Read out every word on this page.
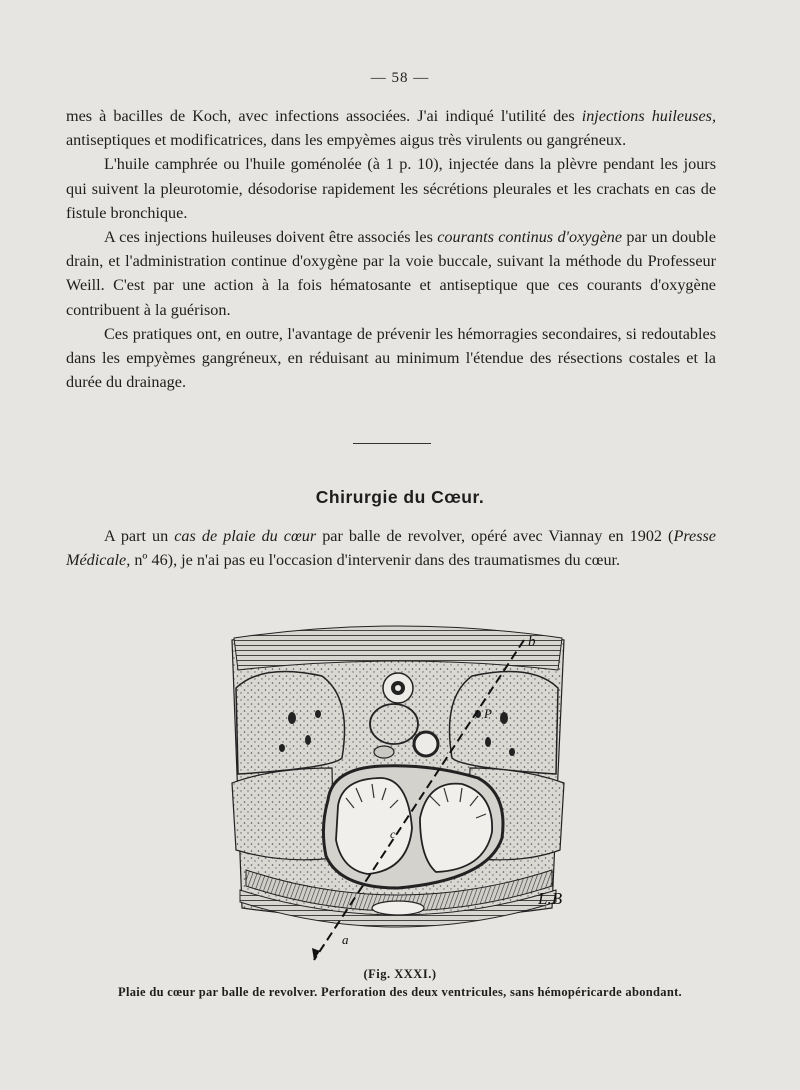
— 58 —

mes à bacilles de Koch, avec infections associées. J'ai indiqué l'utilité des injections huileuses, antiseptiques et modificatrices, dans les empyèmes aigus très virulents ou gangréneux.

L'huile camphrée ou l'huile goménolée (à 1 p. 10), injectée dans la plèvre pendant les jours qui suivent la pleurotomie, désodorise rapidement les sécrétions pleurales et les crachats en cas de fistule bronchique.

A ces injections huileuses doivent être associés les courants continus d'oxygène par un double drain, et l'administration continue d'oxygène par la voie buccale, suivant la méthode du Professeur Weill. C'est par une action à la fois hématosante et antiseptique que ces courants d'oxygène contribuent à la guérison.

Ces pratiques ont, en outre, l'avantage de prévenir les hémorragies secondaires, si redoutables dans les empyèmes gangréneux, en réduisant au minimum l'étendue des résections costales et la durée du drainage.

Chirurgie du Cœur.

A part un cas de plaie du cœur par balle de revolver, opéré avec Viannay en 1902 (Presse Médicale, nº 46), je n'ai pas eu l'occasion d'intervenir dans des traumatismes du cœur.

b
P
c
L.B
a
(Fig. XXXI.)
Plaie du cœur par balle de revolver. Perforation des deux ventricules, sans hémopéricarde abondant.
